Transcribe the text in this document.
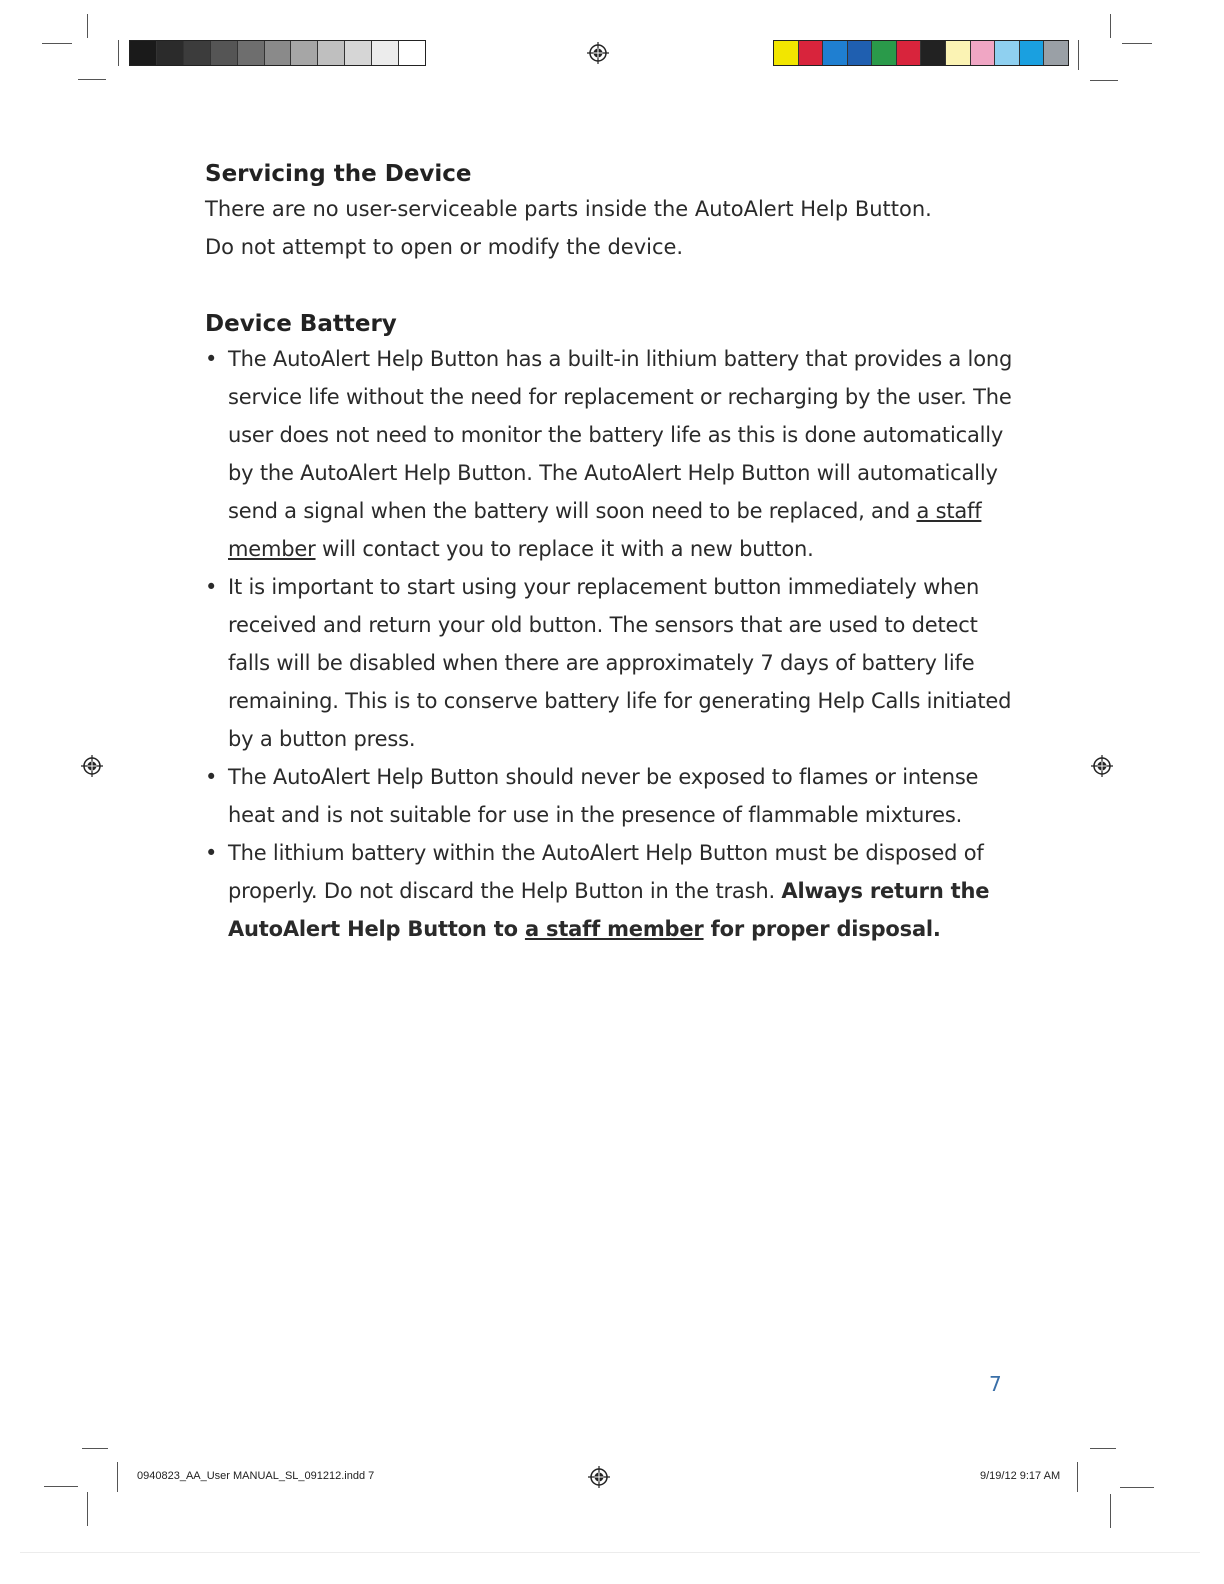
Servicing the Device

There are no user-serviceable parts inside the AutoAlert Help Button.

Do not attempt to open or modify the device.

Device Battery
• The AutoAlert Help Button has a built-in lithium battery that provides a long service life without the need for replacement or recharging by the user. The user does not need to monitor the battery life as this is done automatically by the AutoAlert Help Button. The AutoAlert Help Button will automatically send a signal when the battery will soon need to be replaced, and a staff member will contact you to replace it with a new button.
• It is important to start using your replacement button immediately when received and return your old button. The sensors that are used to detect falls will be disabled when there are approximately 7 days of battery life remaining. This is to conserve battery life for generating Help Calls initiated by a button press.
• The AutoAlert Help Button should never be exposed to flames or intense heat and is not suitable for use in the presence of flammable mixtures.
• The lithium battery within the AutoAlert Help Button must be disposed of properly. Do not discard the Help Button in the trash. Always return the AutoAlert Help Button to a staff member for proper disposal.
7
0940823_AA_User MANUAL_SL_091212.indd 7	9/19/12 9:17 AM
